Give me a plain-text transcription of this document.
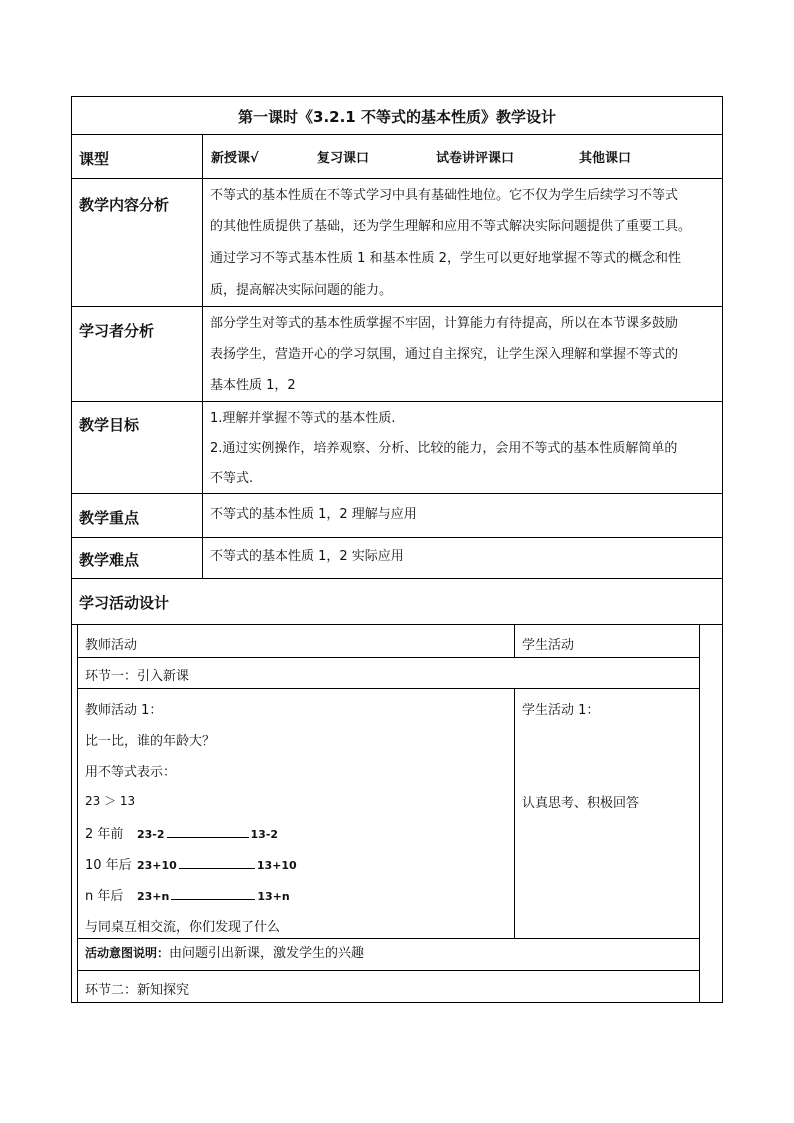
第一课时《3.2.1 不等式的基本性质》教学设计
课型	新授课√	复习课口	试卷讲评课口	其他课口
教学内容分析
不等式的基本性质在不等式学习中具有基础性地位。它不仅为学生后续学习不等式
的其他性质提供了基础，还为学生理解和应用不等式解决实际问题提供了重要工具。
通过学习不等式基本性质 1 和基本性质 2，学生可以更好地掌握不等式的概念和性
质，提高解决实际问题的能力。
学习者分析	部分学生对等式的基本性质掌握不牢固，计算能力有待提高，所以在本节课多鼓励
表扬学生，营造开心的学习氛围，通过自主探究，让学生深入理解和掌握不等式的
基本性质 1，2
教学目标	1.理解并掌握不等式的基本性质.
2.通过实例操作，培养观察、分析、比较的能力，会用不等式的基本性质解简单的
不等式.
教学重点	不等式的基本性质 1，2 理解与应用
教学难点	不等式的基本性质 1，2 实际应用
学习活动设计
教师活动	学生活动
环节一：引入新课
教师活动 1：
比一比，谁的年龄大？
用不等式表示：
23 ＞ 13
2 年前 23-2	13-2
10 年后 23+10	13+10
n 年后 23+n	13+n
与同桌互相交流，你们发现了什么
学生活动 1：
认真思考、积极回答
活动意图说明：由问题引出新课，激发学生的兴趣
环节二：新知探究
